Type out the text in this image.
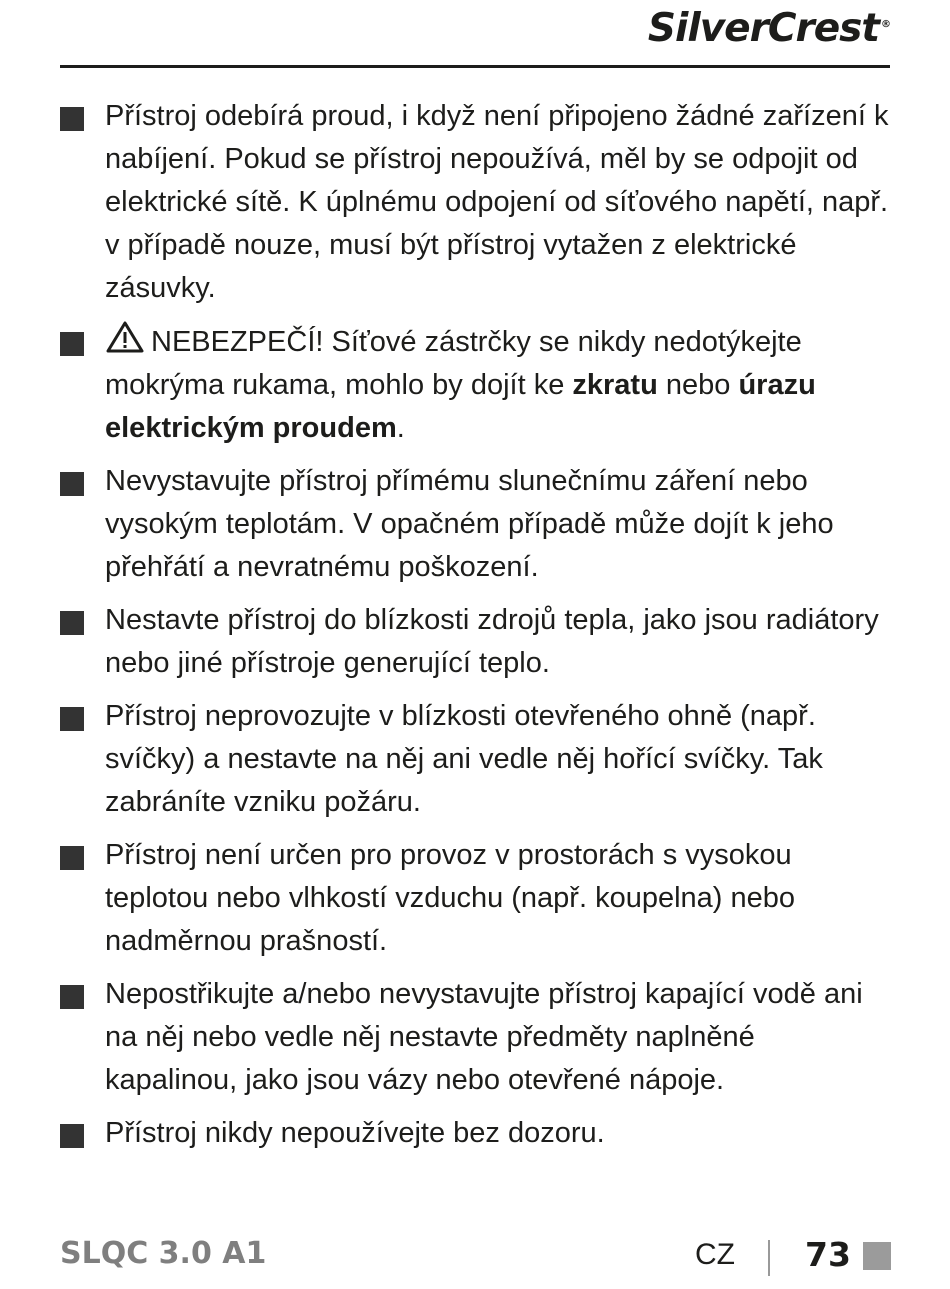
SilverCrest ®
Přístroj odebírá proud, i když není připojeno žádné zařízení k nabíjení. Pokud se přístroj nepoužívá, měl by se odpojit od elektrické sítě. K úplnému odpojení od síťového napětí, např. v případě nouze, musí být přístroj vytažen z elektrické zásuvky.
NEBEZPEČÍ! Síťové zástrčky se nikdy nedotýkejte mokrýma rukama, mohlo by dojít ke zkratu nebo úrazu elektrickým proudem.
Nevystavujte přístroj přímému slunečnímu záření nebo vysokým teplotám. V opačném případě může dojít k jeho přehřátí a nevratnému poškození.
Nestavte přístroj do blízkosti zdrojů tepla, jako jsou radiátory nebo jiné přístroje generující teplo.
Přístroj neprovozujte v blízkosti otevřeného ohně (např. svíčky) a nestavte na něj ani vedle něj hořící svíčky. Tak zabráníte vzniku požáru.
Přístroj není určen pro provoz v prostorách s vysokou teplotou nebo vlhkostí vzduchu (např. koupelna) nebo nadměrnou prašností.
Nepostřikujte a/nebo nevystavujte přístroj kapající vodě ani na něj nebo vedle něj nestavte předměty naplněné kapalinou, jako jsou vázy nebo otevřené nápoje.
Přístroj nikdy nepoužívejte bez dozoru.
SLQC 3.0 A1	CZ 73
